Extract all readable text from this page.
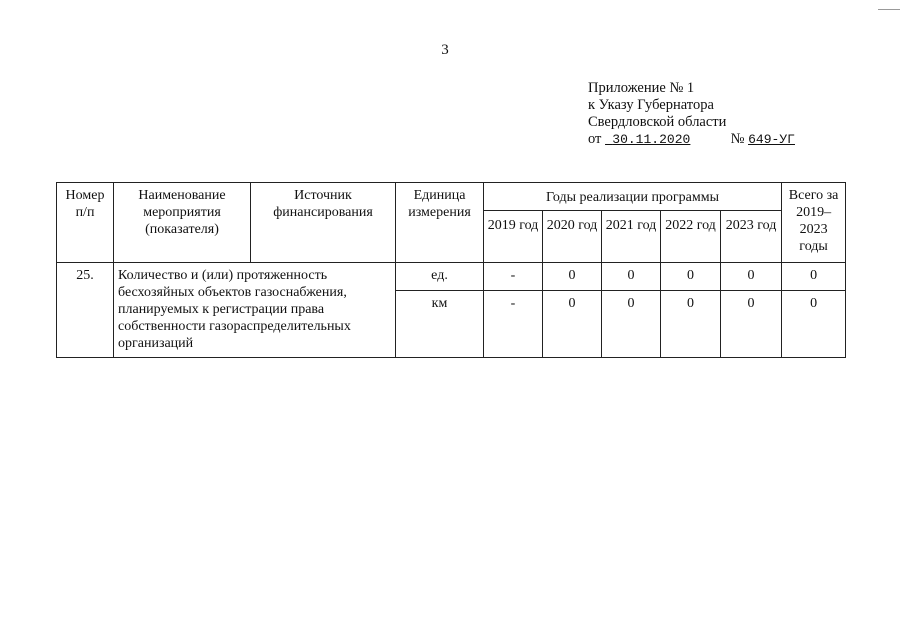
3
Приложение № 1
к Указу Губернатора
Свердловской области
от 30.11.2020	№ 649-УГ
Номер п/п	Наименование мероприятия (показателя)	Источник финансирования	Единица измерения	Годы реализации программы					Всего за 2019–2023 годы
				2019 год	2020 год	2021 год	2022 год	2023 год	
25.	Количество и (или) протяженность бесхозяйных объектов газоснабжения, планируемых к регистрации права собственности газораспределительных организаций		ед.	-	0	0	0	0	0
			км	-	0	0	0	0	0
